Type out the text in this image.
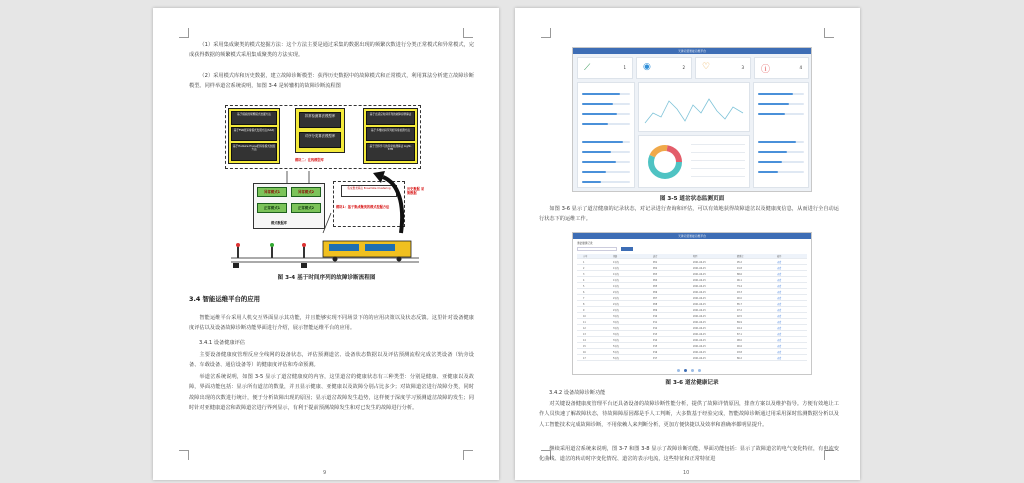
（1）采用集成聚类的模式挖掘方法：这个方法主要是通过采集的数据出现的频繁次数进行分类正常模式和异常模式，完成获得数据的频繁模式采用集成聚类的方法实现。
（2）采用模式库和历史数据，建立故障诊断模型：获得历史数据中的故障模式和正常模式，利用算法分析建立故障诊断模型。同样举道岔系统说明，如图 3-4 是转辙机的故障诊断流程图
基于模板的频繁模式挖掘方法
基于FSK的异常模式发现方法(SAX)
基于Hudsice Prune的异常模式挖掘方法
异常检测算法模型库
对序分类算法模型库
基于自适应时间序列的故障诊断算法
基于多维时间序列的异常检测方法
基于迁移学习的异常检测算法 Light-STM
模块二：在线模型库
异常模式1	异常模式2
正常模式1	正常模式2
模式数据库
集成聚类算法 Ensemble Clustering
模块1：基于集成聚类的模式挖掘方法
历史数据 采集数据
图 3-4 基于时间序列的故障诊断流程图
3.4 智能运维平台的应用
智能运维平台采用人机交互界面显示其功能，并且能够实现不同场景下的的应用决策以及状态反馈。这里针对设备健康度评估以及设备故障诊断功能界面进行介绍，展示智能运维平台的应用。
3.4.1 设备健康评估
主要设备健康度管理反应全线网的设备状态，评估预测道岔、设备状态数据以及评估预测流程完成岔类设备（轨旁设备、车载设备、通信设备等）的健康度评估和寿命预测。
举道岔系统说明，如图 3-5 显示了道岔健康度的内容，这里道岔的健康状态有三种类型：分别是健康、亚健康以及故障，界面功能包括：显示所有道岔的数量，并且显示健康、亚健康以及故障分别占比多少；对故障道岔进行故障分类，同时故障出现的次数进行统计，便于分析故障出现的原因；显示道岔故障发生趋势，这样便于深度学习预测道岔故障的发生；同时针对亚健康道岔和故障道岔进行界列显示，有利于提前预测故障发生和对已发生的故障进行分析。
9
天津运营智能运维平台
⟋	1 ◉	2 ♡	3 ⓘ	4
图 3-5 道岔状态监测页面
如图 3-6 显示了道岔健康的记录状态，对记录进行查询和评估，可以有效地获得故障道岔以及健康度信息，从而进行全自动运行状态下的运维工作。
天津运营智能运维平台
道岔健康记录
序号	线路	道岔	时间	健康度	操作
1	1号线	P01	2021-04-15	95.2	查看
2	1号线	P02	2021-04-15	91.8	查看
3	1号线	P03	2021-04-15	88.6	查看
4	1号线	P04	2021-04-15	96.1	查看
5	1号线	P05	2021-04-15	79.4	查看
6	2号线	P06	2021-04-15	93.3	查看
7	2号线	P07	2021-04-15	90.0	查看
8	2号线	P08	2021-04-15	85.7	查看
9	2号线	P09	2021-04-15	97.2	查看
10	3号线	P10	2021-04-15	92.5	查看
11	3号线	P11	2021-04-15	89.9	查看
12	3号线	P12	2021-04-15	94.4	查看
13	3号线	P13	2021-04-15	87.1	查看
14	3号线	P14	2021-04-15	98.0	查看
15	5号线	P15	2021-04-15	90.6	查看
16	5号线	P16	2021-04-15	93.8	查看
17	5号线	P17	2021-04-15	86.2	查看
图 3-6 道岔健康记录
3.4.2 设备故障诊断功能
对关键设备健康度管理平台还具备设备的故障诊断性能分析，提供了故障详情原因，排查方案以及维护指导。方便有效地让工作人员快速了解故障状态，待故障障原因都是手人工判断，大多数基于经验完成，智能故障诊断通过用采用深时监测数据分析以及人工智能技术完成故障诊断，不用依赖人来判断分析，更加方便快捷以及效率和准确率都明显提升。
继续采用道岔系统来说明，图 3-7 和图 3-8 显示了故障诊断功能，界面功能包括：显示了故障道岔的电气变化特征，有电流变化曲线、道岔的转动时序变化情况、道岔的表示电流，这些特征和正常特征进
10
